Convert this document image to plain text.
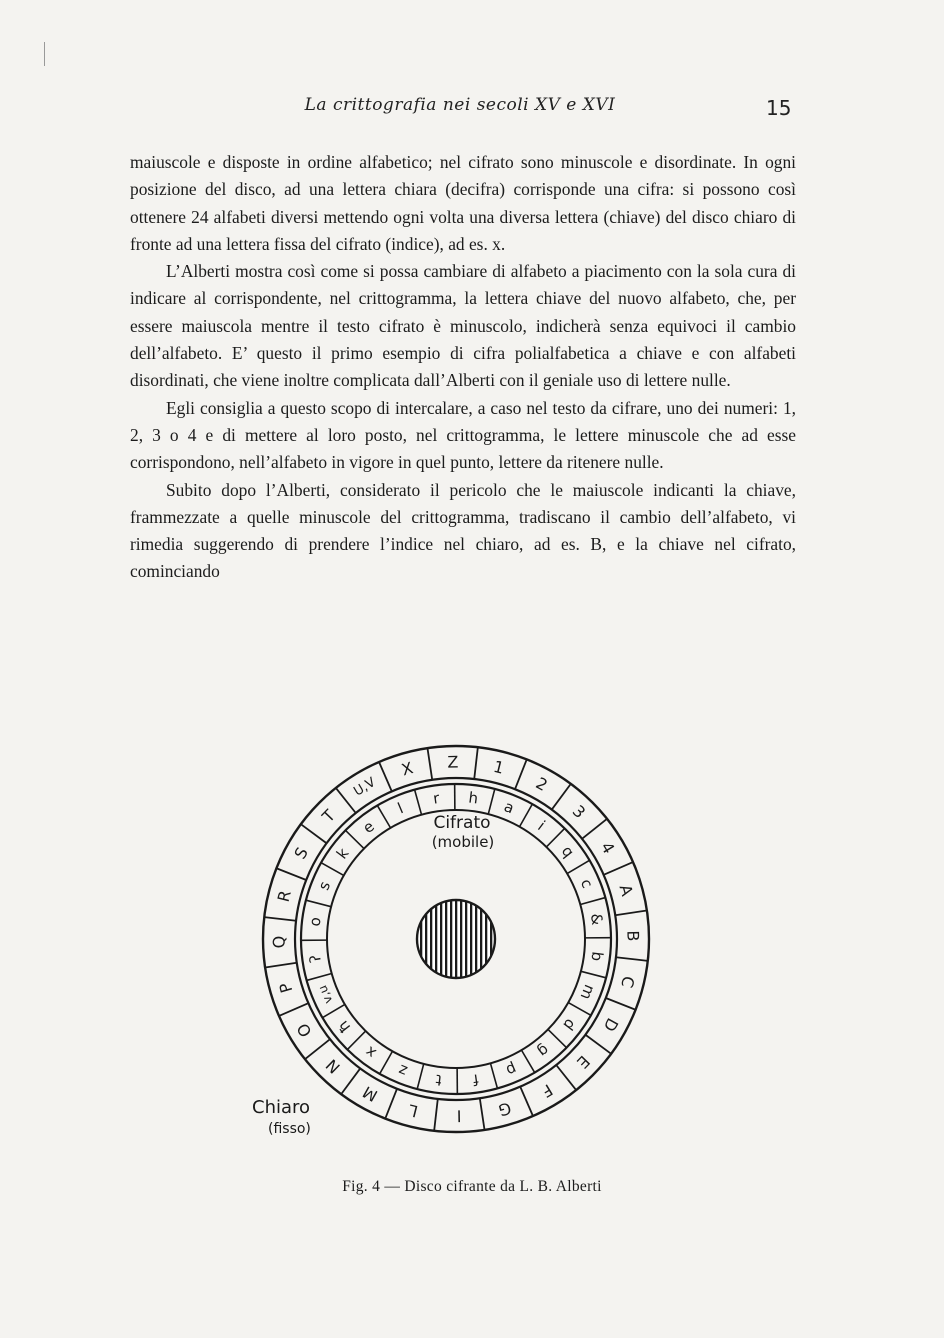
La crittografia nei secoli XV e XVI	15

maiuscole e disposte in ordine alfabetico; nel cifrato sono minuscole e disordinate. In ogni posizione del disco, ad una lettera chiara (decifra) corrisponde una cifra: si possono così ottenere 24 alfabeti diversi mettendo ogni volta una diversa lettera (chiave) del disco chiaro di fronte ad una lettera fissa del cifrato (indice), ad es. x.

L’Alberti mostra così come si possa cambiare di alfabeto a piacimento con la sola cura di indicare al corrispondente, nel crittogramma, la lettera chiave del nuovo alfabeto, che, per essere maiuscola mentre il testo cifrato è minuscolo, indicherà senza equivoci il cambio dell’alfabeto. E’ questo il primo esempio di cifra polialfabetica a chiave e con alfabeti disordinati, che viene inoltre complicata dall’Alberti con il geniale uso di lettere nulle.

Egli consiglia a questo scopo di intercalare, a caso nel testo da cifrare, uno dei numeri: 1, 2, 3 o 4 e di mettere al loro posto, nel crittogramma, le lettere minuscole che ad esse corrispondono, nell’alfabeto in vigore in quel punto, lettere da ritenere nulle.

Subito dopo l’Alberti, considerato il pericolo che le maiuscole indicanti la chiave, frammezzate a quelle minuscole del crittogramma, tradiscano il cambio dell’alfabeto, vi rimedia suggerendo di prendere l’indice nel chiaro, ad es. B, e la chiave nel cifrato, cominciando

A
B
C
D
E
F
G
I
L
M
N
O
P
Q
R
S
T
U,V
X Z 1
2
3
4
c
&
b
m
d
g
p
f
t
z
x
ħ
v,u
ʔ
o
s
k
e
l
r h a
i
q
Cifrato
(mobile)
Chiaro
(fisso)
Fig. 4 — Disco cifrante da L. B. Alberti
